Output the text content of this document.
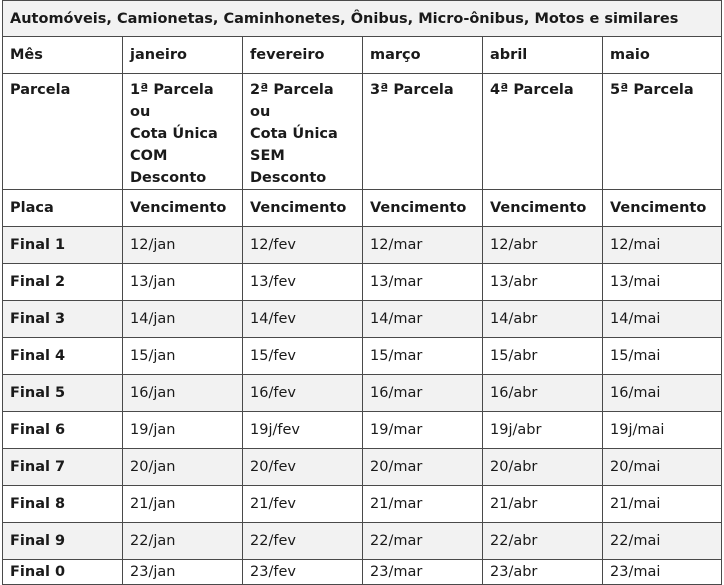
Automóveis, Camionetas, Caminhonetes, Ônibus, Micro-ônibus, Motos e similares					
Mês	janeiro	fevereiro	março	abril	maio
Parcela	1ª Parcela ou
Cota Única
COM
Desconto	2ª Parcela ou
Cota Única
SEM
Desconto	3ª Parcela	4ª Parcela	5ª Parcela

Placa	Vencimento	Vencimento	Vencimento	Vencimento	Vencimento
Final 1	12/jan	12/fev	12/mar	12/abr	12/mai
Final 2	13/jan	13/fev	13/mar	13/abr	13/mai
Final 3	14/jan	14/fev	14/mar	14/abr	14/mai
Final 4	15/jan	15/fev	15/mar	15/abr	15/mai
Final 5	16/jan	16/fev	16/mar	16/abr	16/mai
Final 6	19/jan	19j/fev	19/mar	19j/abr	19j/mai
Final 7	20/jan	20/fev	20/mar	20/abr	20/mai
Final 8	21/jan	21/fev	21/mar	21/abr	21/mai
Final 9	22/jan	22/fev	22/mar	22/abr	22/mai
Final 0	23/jan	23/fev	23/mar	23/abr	23/mai
